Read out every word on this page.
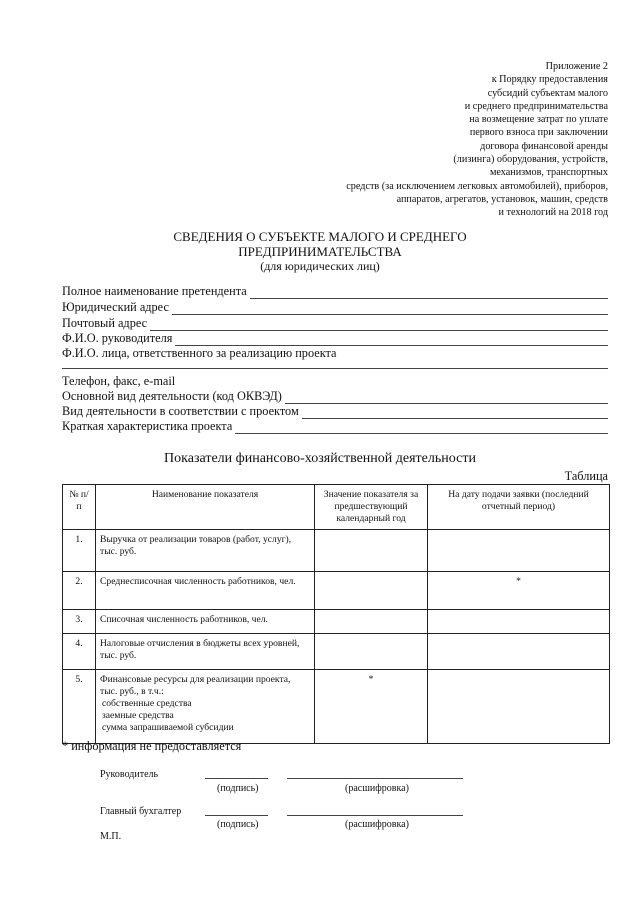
Приложение 2
к Порядку предоставления
субсидий субъектам малого
и среднего предпринимательства
на возмещение затрат по уплате
первого взноса при заключении
договора финансовой аренды
(лизинга) оборудования, устройств,
механизмов, транспортных
средств (за исключением легковых автомобилей), приборов,
аппаратов, агрегатов, установок, машин, средств
и технологий на 2018 год
СВЕДЕНИЯ О СУБЪЕКТЕ МАЛОГО И СРЕДНЕГО
ПРЕДПРИНИМАТЕЛЬСТВА
(для юридических лиц)
Полное наименование претендента
Юридический адрес
Почтовый адрес
Ф.И.О. руководителя
Ф.И.О. лица, ответственного за реализацию проекта
Телефон, факс, e-mail
Основной вид деятельности (код ОКВЭД)
Вид деятельности в соответствии с проектом
Краткая характеристика проекта
Показатели финансово-хозяйственной деятельности
Таблица
№ п/п	Наименование показателя	Значение показателя за предшествующий календарный год	На дату подачи заявки (последний отчетный период)
1.	Выручка от реализации товаров (работ, услуг), тыс. руб.		
2.	Среднесписочная численность работников, чел.		*
3.	Списочная численность работников, чел.		
4.	Налоговые отчисления в бюджеты всех уровней, тыс. руб.		
5.	Финансовые ресурсы для реализации проекта, тыс. руб., в т.ч.:
собственные средства
заемные средства
сумма запрашиваемой субсидии	*	
* информация не предоставляется
Руководитель
(подпись)	(расшифровка)
Главный бухгалтер
(подпись)	(расшифровка)
М.П.
